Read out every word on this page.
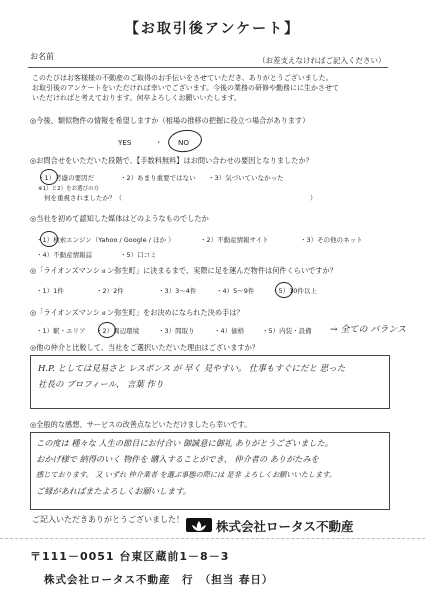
【お取引後アンケート】
お名前	（お差支えなければご記入ください）
このたびはお客様様の不動産のご取得のお手伝いをさせていただき、ありがとうございました。
お取引後のアンケートをいただければ幸いでございます。今後の業務の研修や勤務にに生かさせて
いただければと考えております。何卒よろしくお願いいたします。
◎今後、類似物件の情報を希望しますか（相場の推移の把握に役立つ場合があります）
YES	・ NO
◎お問合せをいただいた段階で、【手数料無料】はお問い合わせの要因となりましたか？
・1）考慮の要因だ	・2）あまり重要ではない ・3）気づいていなかった
※1）と2）をお選びの方
何を重視されましたか？（	）
◎当社を初めて認知した媒体はどのようなものでしたか
・1）検索エンジン（Yahoo / Google / ほか ）	・2）不動産情報サイト	・3）その他のネット
・4）不動産情報誌	・5）口コミ
◎「ライオンズマンション弥生町」に決まるまで、実際に足を運んだ物件は何件くらいですか？
・1）1件	・2）2件	・3）3〜4件	・4）5〜9件	・5）10件以上
◎「ライオンズマンション弥生町」をお決めになられた決め手は？
・1）駅・エリア ・2）周辺環境	・3）間取り	・4）価格	・5）内装・設備 → 全ての バランス
◎他の仲介と比較して、当社をご選択いただいた理由はございますか？
H.P. としては見易さと レスポンス が 早く 見やすい。 仕事もすぐにだと 思った
社長の プロフィール、 言葉 作り
◎全般的な感想、サービスの改善点などいただけましたら幸いです。
この度は 種々な 人生の節目にお付合い 御誠意に御礼 ありがとうございました。
おかげ様で 納得のいく 物件を 購入することができ、 仲介者の ありがたみを
感じております。 又 いずれ 仲介業者 を選ぶ事態の際には 是非 よろしくお願いいたします。
ご縁があればまたよろしくお願いします。
ご記入いただきありがとうございました！	株式会社ロータス不動産
〒111－0051 台東区蔵前1－8－3
株式会社ロータス不動産　行　（担当 春日）
